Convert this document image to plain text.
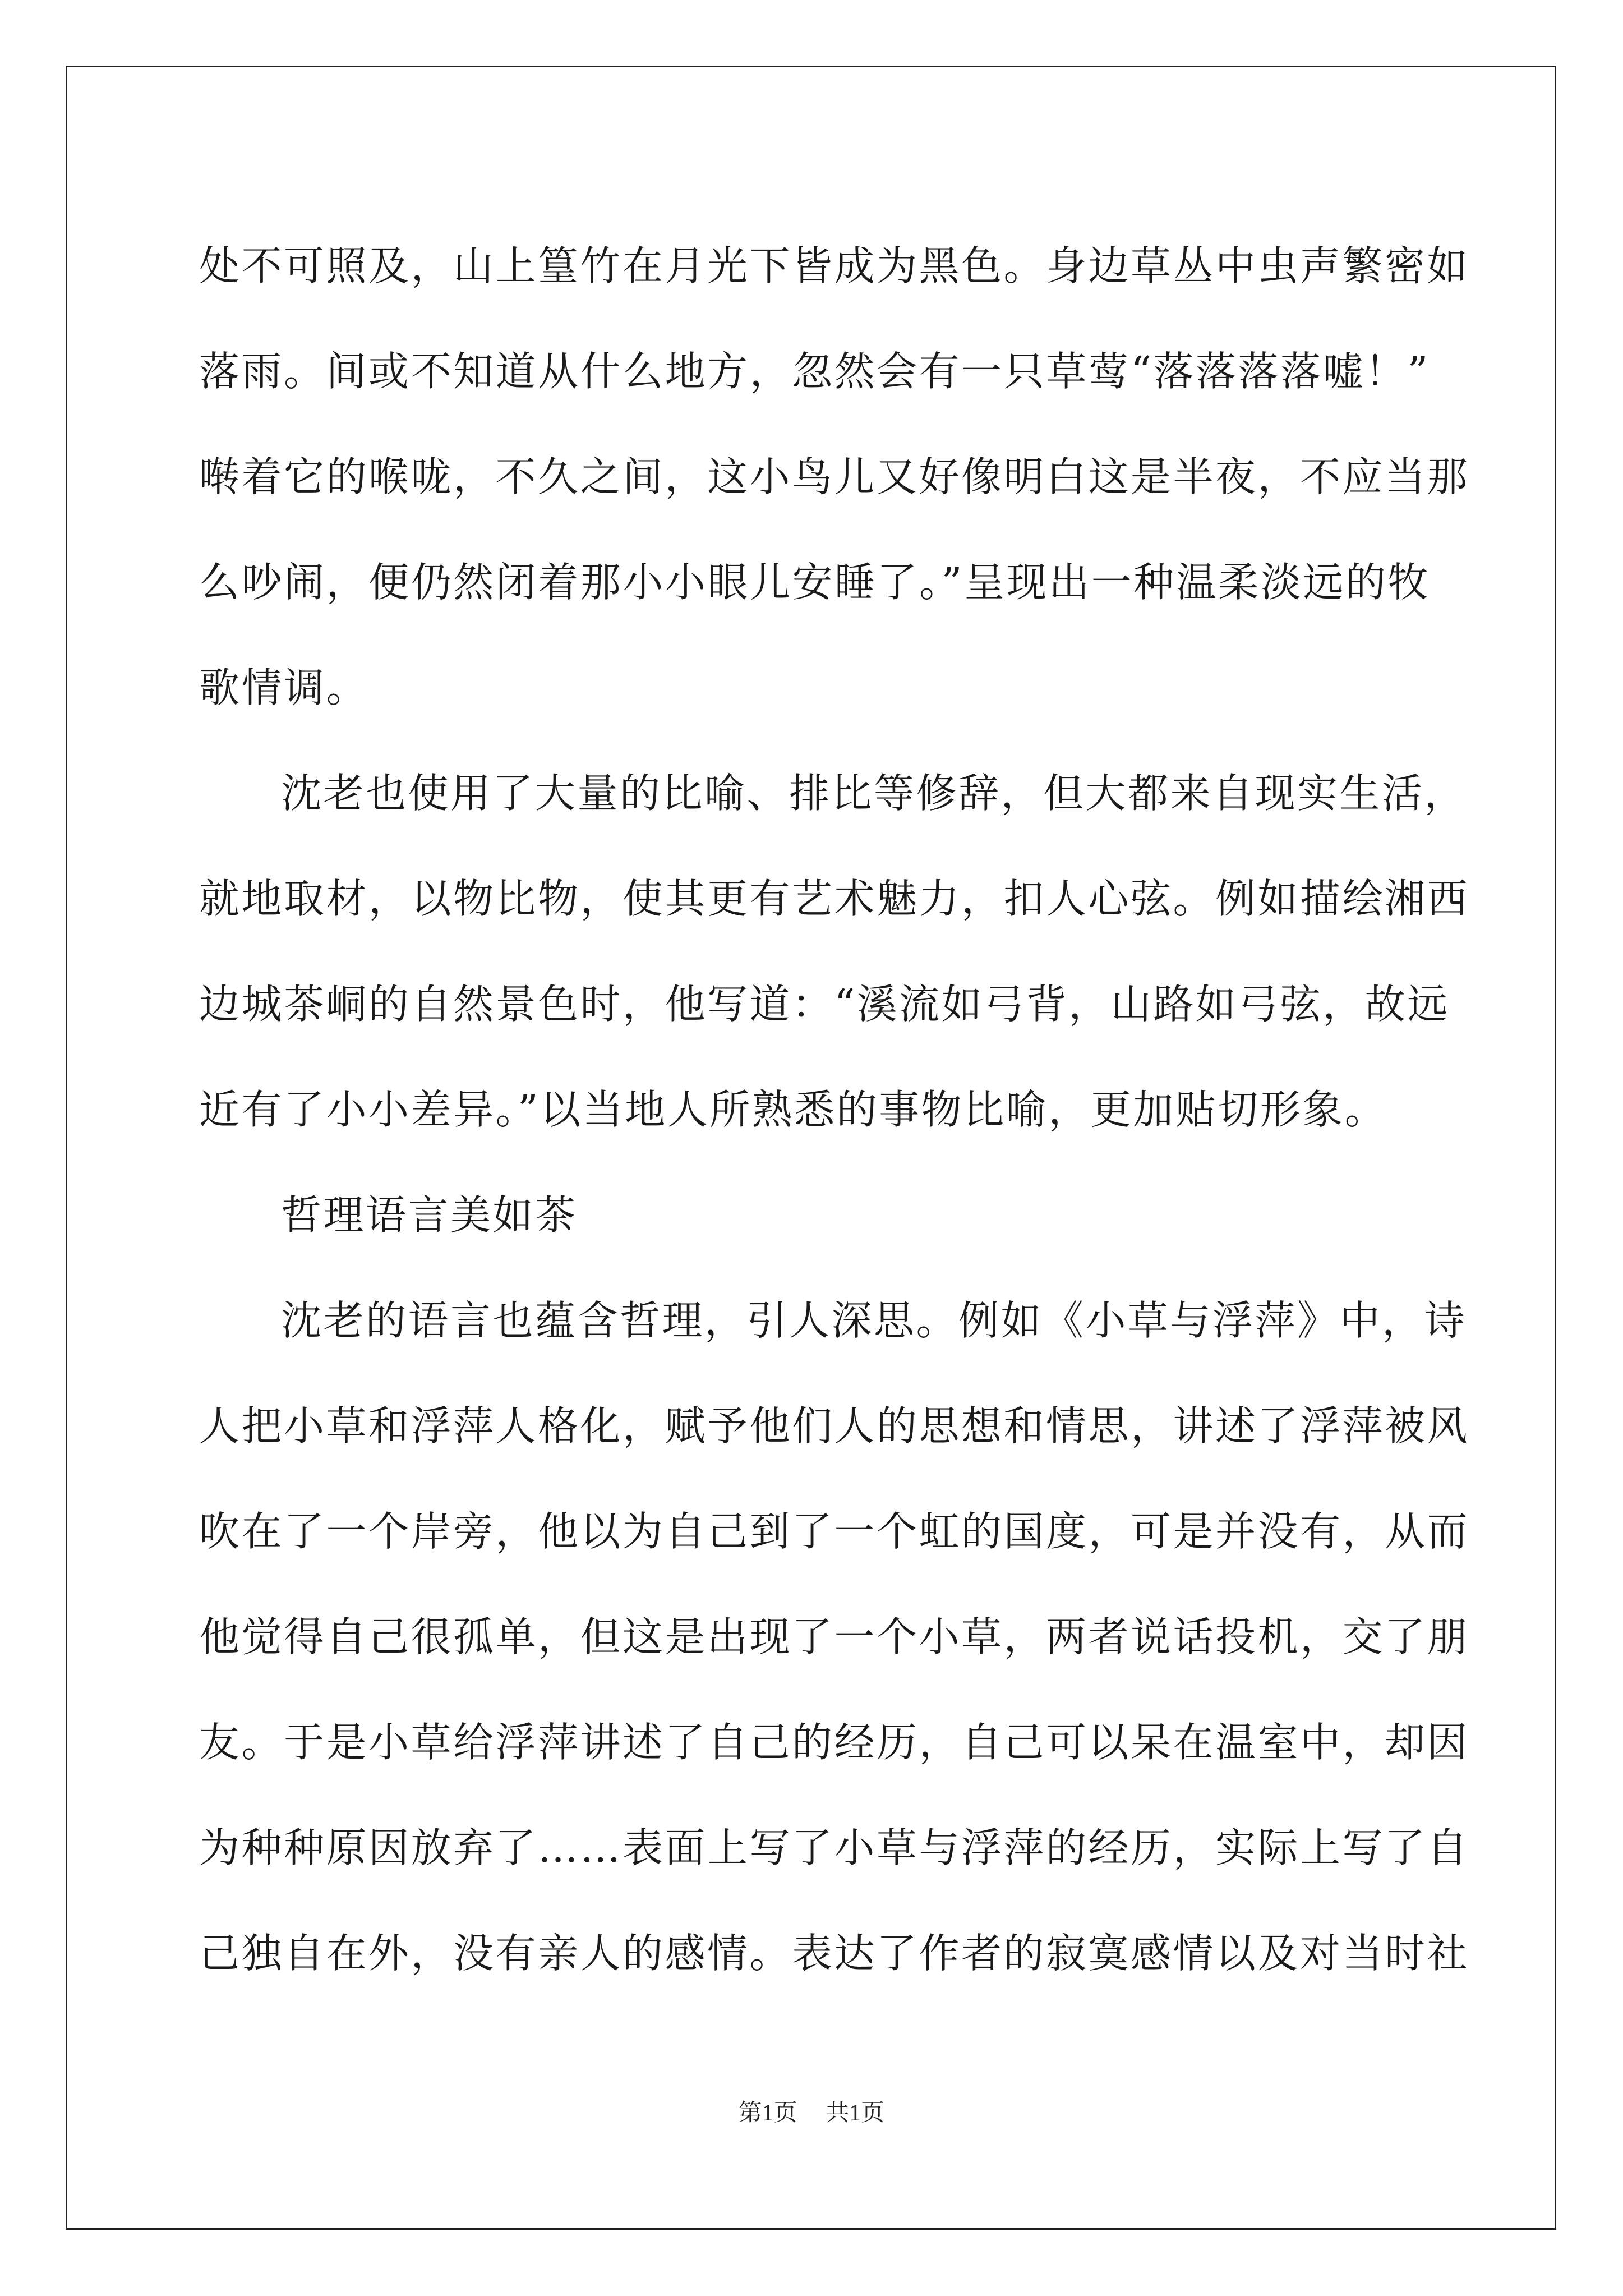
处不可照及，山上篁竹在月光下皆成为黑色。身边草丛中虫声繁密如
落雨。间或不知道从什么地方，忽然会有一只草莺“落落落落嘘！”
啭着它的喉咙，不久之间，这小鸟儿又好像明白这是半夜，不应当那
么吵闹，便仍然闭着那小小眼儿安睡了。”呈现出一种温柔淡远的牧
歌情调。
沈老也使用了大量的比喻、排比等修辞，但大都来自现实生活，
就地取材，以物比物，使其更有艺术魅力，扣人心弦。例如描绘湘西
边城茶峒的自然景色时，他写道：“溪流如弓背，山路如弓弦，故远
近有了小小差异。”以当地人所熟悉的事物比喻，更加贴切形象。
哲理语言美如茶
沈老的语言也蕴含哲理，引人深思。例如《小草与浮萍》中，诗
人把小草和浮萍人格化，赋予他们人的思想和情思，讲述了浮萍被风
吹在了一个岸旁，他以为自己到了一个虹的国度，可是并没有，从而
他觉得自己很孤单，但这是出现了一个小草，两者说话投机，交了朋
友。于是小草给浮萍讲述了自己的经历，自己可以呆在温室中，却因
为种种原因放弃了……表面上写了小草与浮萍的经历，实际上写了自
己独自在外，没有亲人的感情。表达了作者的寂寞感情以及对当时社
第1页 共1页
